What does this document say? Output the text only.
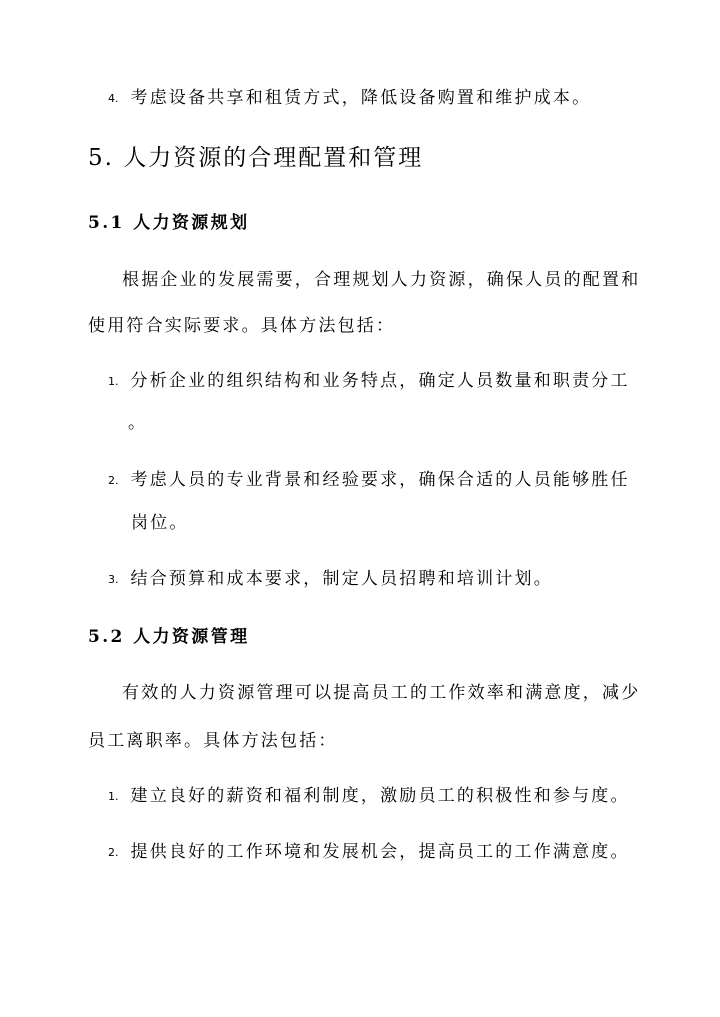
4. 考虑设备共享和租赁方式，降低设备购置和维护成本。
5. 人力资源的合理配置和管理
5.1 人力资源规划
根据企业的发展需要，合理规划人力资源，确保人员的配置和
使用符合实际要求。具体方法包括：
1. 分析企业的组织结构和业务特点，确定人员数量和职责分工
。
2. 考虑人员的专业背景和经验要求，确保合适的人员能够胜任
岗位。
3. 结合预算和成本要求，制定人员招聘和培训计划。
5.2 人力资源管理
有效的人力资源管理可以提高员工的工作效率和满意度，减少
员工离职率。具体方法包括：
1. 建立良好的薪资和福利制度，激励员工的积极性和参与度。
2. 提供良好的工作环境和发展机会，提高员工的工作满意度。
